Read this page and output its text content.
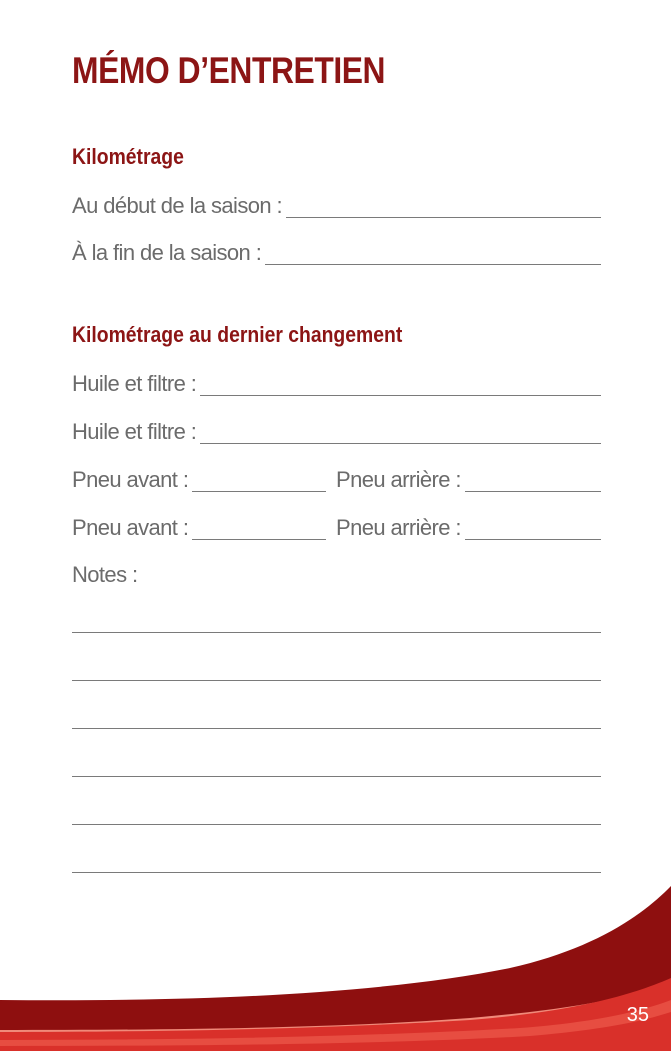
MÉMO D’ENTRETIEN
Kilométrage
Au début de la saison :
À la fin de la saison :
Kilométrage au dernier changement
Huile et filtre :
Huile et filtre :
Pneu avant :	Pneu arrière :
Pneu avant :	Pneu arrière :
Notes :
35
